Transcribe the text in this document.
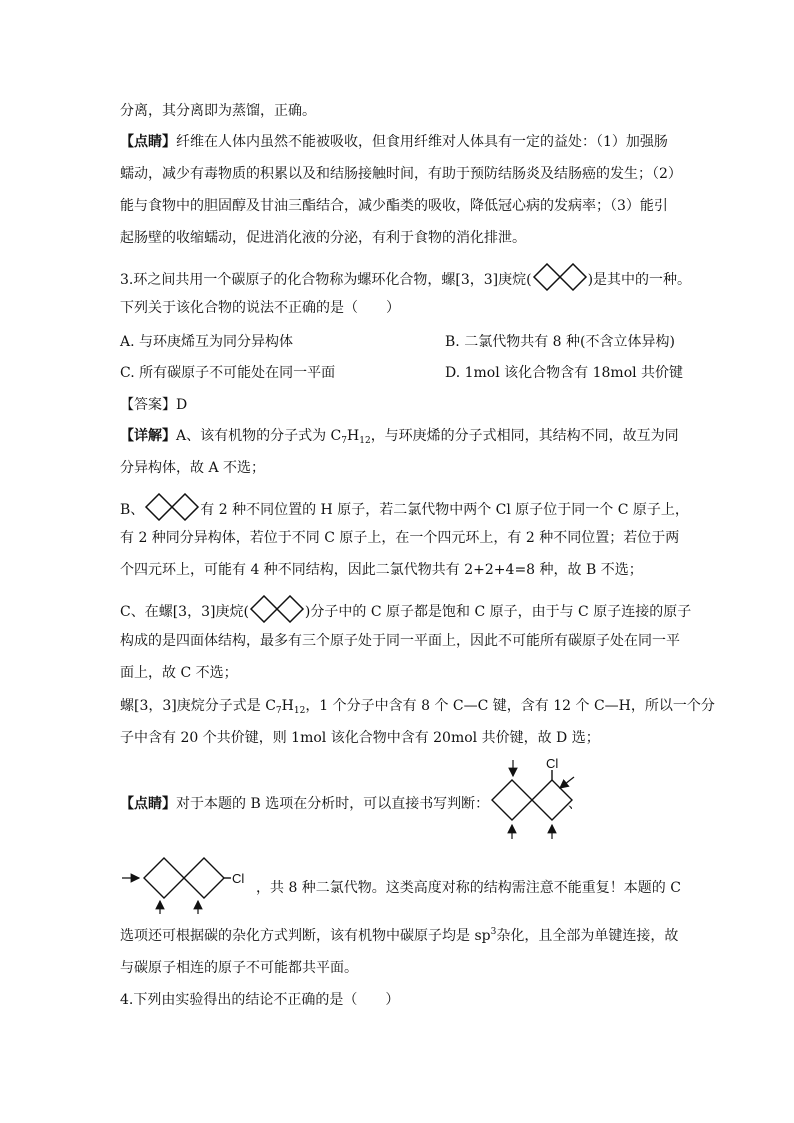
分离，其分离即为蒸馏，正确。
【点睛】纤维在人体内虽然不能被吸收，但食用纤维对人体具有一定的益处：（1）加强肠
蠕动，减少有毒物质的积累以及和结肠接触时间，有助于预防结肠炎及结肠癌的发生；（2）
能与食物中的胆固醇及甘油三酯结合，减少酯类的吸收，降低冠心病的发病率；（3）能引
起肠壁的收缩蠕动，促进消化液的分泌，有利于食物的消化排泄。
3.环之间共用一个碳原子的化合物称为螺环化合物，螺[3，3]庚烷(	)是其中的一种。
下列关于该化合物的说法不正确的是（　　）
A. 与环庚烯互为同分异构体	B. 二氯代物共有 8 种(不含立体异构)
C. 所有碳原子不可能处在同一平面	D. 1mol 该化合物含有 18mol 共价键
【答案】D
【详解】A、该有机物的分子式为 $C_7H_{12}$，与环庚烯的分子式相同，其结构不同，故互为同
分异构体，故 A 不选；
B、	有 2 种不同位置的 H 原子，若二氯代物中两个 Cl 原子位于同一个 C 原子上，
有 2 种同分异构体，若位于不同 C 原子上，在一个四元环上，有 2 种不同位置；若位于两
个四元环上，可能有 4 种不同结构，因此二氯代物共有 2+2+4=8 种，故 B 不选；
C、在螺[3，3]庚烷(	)分子中的 C 原子都是饱和 C 原子，由于与 C 原子连接的原子
构成的是四面体结构，最多有三个原子处于同一平面上，因此不可能所有碳原子处在同一平
面上，故 C 不选；
螺[3，3]庚烷分子式是 $C_7H_{12}$，1 个分子中含有 8 个 C—C 键，含有 12 个 C—H，所以一个分
子中含有 20 个共价键，则 1mol 该化合物中含有 20mol 共价键，故 D 选；
【点睛】对于本题的 B 选项在分析时，可以直接书写判断：
Cl
、
Cl
，共 8 种二氯代物。这类高度对称的结构需注意不能重复！本题的 C
选项还可根据碳的杂化方式判断，该有机物中碳原子均是 $sp^3$杂化，且全部为单键连接，故
与碳原子相连的原子不可能都共平面。
4.下列由实验得出的结论不正确的是（　　）
